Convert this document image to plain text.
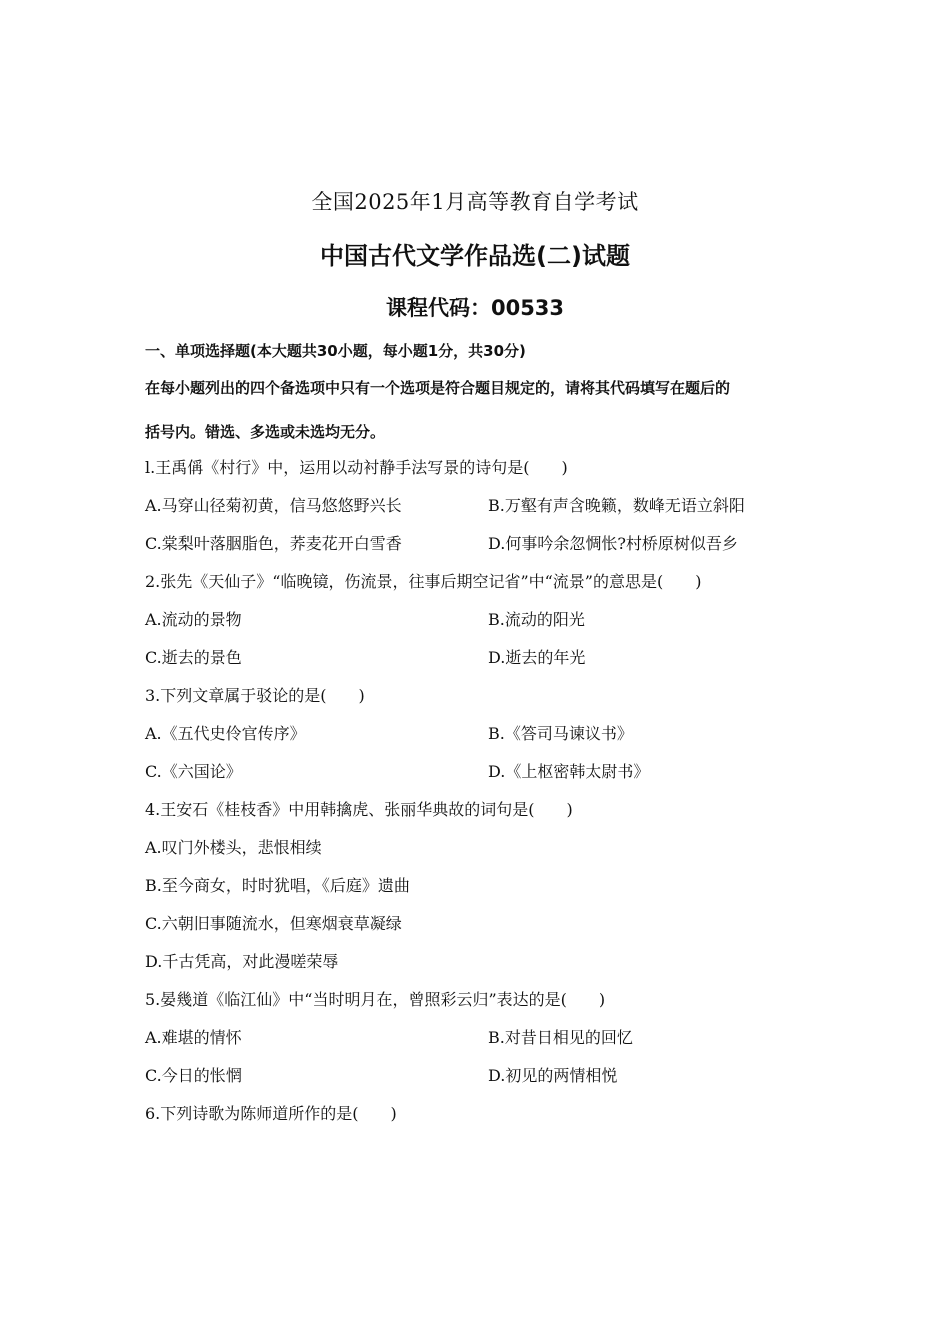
全国2025年1月高等教育自学考试
中国古代文学作品选(二)试题
课程代码：00533
一、单项选择题(本大题共30小题，每小题1分，共30分)
在每小题列出的四个备选项中只有一个选项是符合题目规定的，请将其代码填写在题后的
括号内。错选、多选或未选均无分。
l.王禹偁《村行》中，运用以动衬静手法写景的诗句是(　　)
A.马穿山径菊初黄，信马悠悠野兴长	B.万壑有声含晚籁，数峰无语立斜阳
C.棠梨叶落胭脂色，荞麦花开白雪香	D.何事吟余忽惆怅?村桥原树似吾乡
2.张先《天仙子》“临晚镜，伤流景，往事后期空记省”中“流景”的意思是(　　)
A.流动的景物	B.流动的阳光
C.逝去的景色	D.逝去的年光
3.下列文章属于驳论的是(　　)
A.《五代史伶官传序》	B.《答司马谏议书》
C.《六国论》	D.《上枢密韩太尉书》
4.王安石《桂枝香》中用韩擒虎、张丽华典故的词句是(　　)
A.叹门外楼头，悲恨相续
B.至今商女，时时犹唱，《后庭》遗曲
C.六朝旧事随流水，但寒烟衰草凝绿
D.千古凭高，对此漫嗟荣辱
5.晏幾道《临江仙》中“当时明月在，曾照彩云归”表达的是(　　)
A.难堪的情怀	B.对昔日相见的回忆
C.今日的怅惘	D.初见的两情相悦
6.下列诗歌为陈师道所作的是(　　)
